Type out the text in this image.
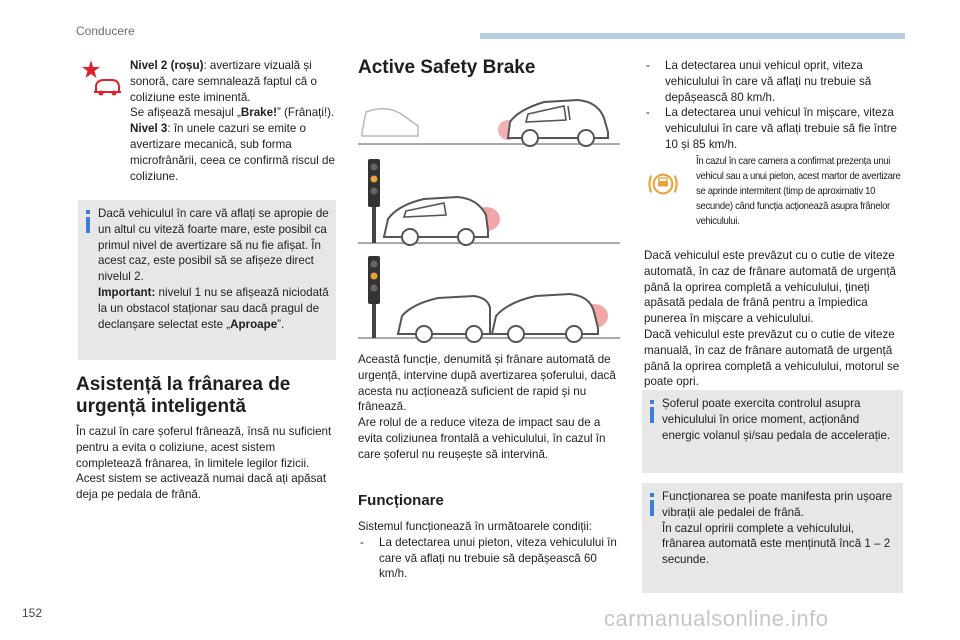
Conducere

Nivel 2 (roșu): avertizare vizuală și sonoră, care semnalează faptul că o coliziune este iminentă.

Se afișează mesajul „Brake!” (Frânați!).

Nivel 3: în unele cazuri se emite o avertizare mecanică, sub forma microfrânării, ceea ce confirmă riscul de coliziune.

Dacă vehiculul în care vă aflați se apropie de un altul cu viteză foarte mare, este posibil ca primul nivel de avertizare să nu fie afișat. În acest caz, este posibil să se afișeze direct nivelul 2.

Important: nivelul 1 nu se afișează niciodată la un obstacol staționar sau dacă pragul de declanșare selectat este „Aproape”.

Asistență la frânarea de urgență inteligentă

În cazul în care șoferul frânează, însă nu suficient pentru a evita o coliziune, acest sistem completează frânarea, în limitele legilor fizicii.

Acest sistem se activează numai dacă ați apăsat deja pe pedala de frână.

Active Safety Brake

Această funcție, denumită și frânare automată de urgență, intervine după avertizarea șoferului, dacă acesta nu acționează suficient de rapid și nu frânează.

Are rolul de a reduce viteza de impact sau de a evita coliziunea frontală a vehiculului, în cazul în care șoferul nu reușește să intervină.

Funcționare

Sistemul funcționează în următoarele condiții:

- La detectarea unui pieton, viteza vehiculului în care vă aflați nu trebuie să depășească 60 km/h.
- La detectarea unui vehicul oprit, viteza vehiculului în care vă aflați nu trebuie să depășească 80 km/h.
- La detectarea unui vehicul în mișcare, viteza vehiculului în care vă aflați trebuie să fie între 10 și 85 km/h.
În cazul în care camera a confirmat prezența unui vehicul sau a unui pieton, acest martor de avertizare se aprinde intermitent (timp de aproximativ 10 secunde) când funcția acționează asupra frânelor vehiculului.

Dacă vehiculul este prevăzut cu o cutie de viteze automată, în caz de frânare automată de urgență până la oprirea completă a vehiculului, țineți apăsată pedala de frână pentru a împiedica punerea în mișcare a vehiculului.

Dacă vehiculul este prevăzut cu o cutie de viteze manuală, în caz de frânare automată de urgență până la oprirea completă a vehiculului, motorul se poate opri.

Șoferul poate exercita controlul asupra vehiculului în orice moment, acționând energic volanul și/sau pedala de accelerație.

Funcționarea se poate manifesta prin ușoare vibrații ale pedalei de frână.

În cazul opririi complete a vehiculului, frânarea automată este menținută încă 1 – 2 secunde.

152	carmanualsonline.info
